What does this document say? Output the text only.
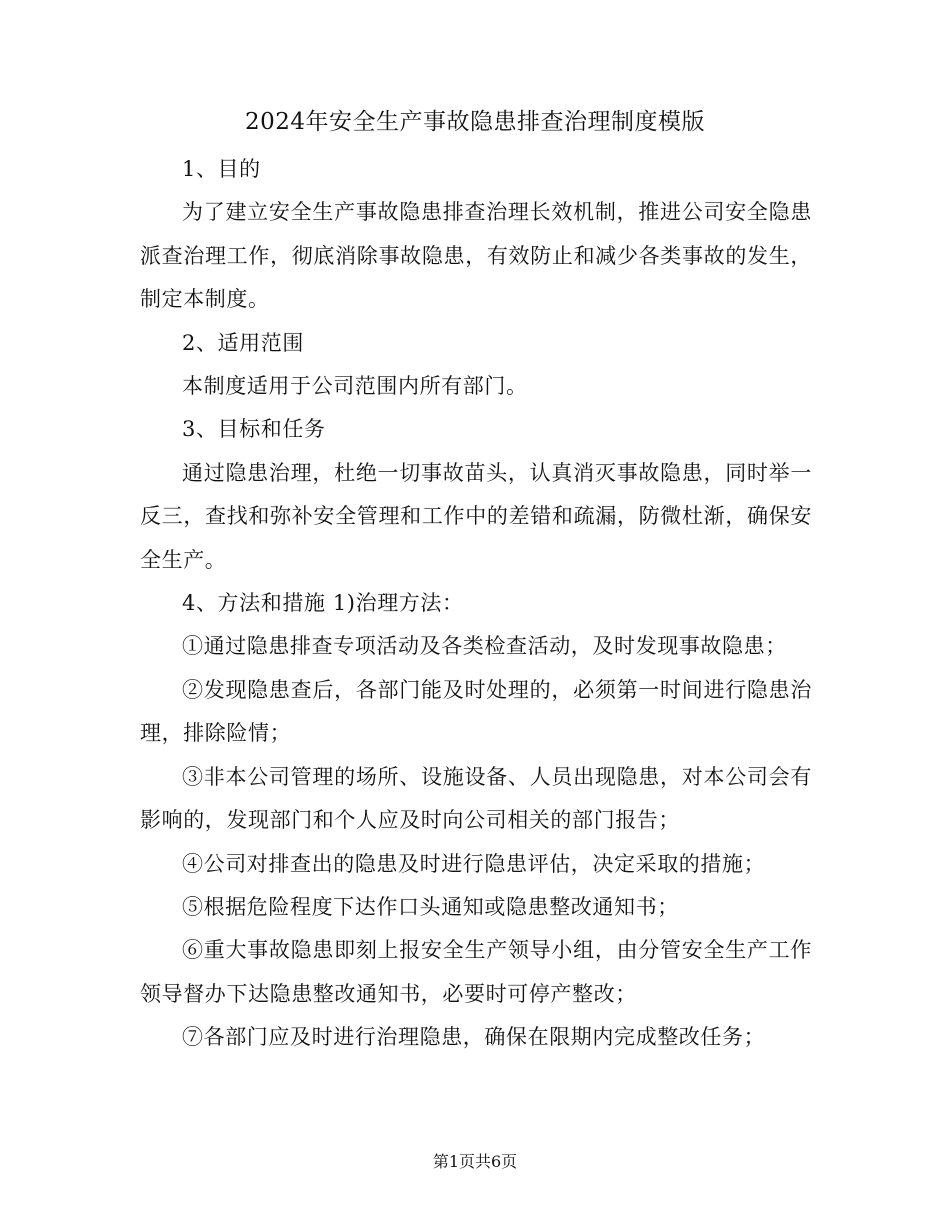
2024年安全生产事故隐患排查治理制度模版

1、目的

为了建立安全生产事故隐患排查治理长效机制，推进公司安全隐患派查治理工作，彻底消除事故隐患，有效防止和减少各类事故的发生，制定本制度。

2、适用范围

本制度适用于公司范围内所有部门。

3、目标和任务

通过隐患治理，杜绝一切事故苗头，认真消灭事故隐患，同时举一反三，查找和弥补安全管理和工作中的差错和疏漏，防微杜渐，确保安全生产。

4、方法和措施 1)治理方法：

①通过隐患排查专项活动及各类检查活动，及时发现事故隐患；

②发现隐患查后，各部门能及时处理的，必须第一时间进行隐患治理，排除险情；

③非本公司管理的场所、设施设备、人员出现隐患，对本公司会有影响的，发现部门和个人应及时向公司相关的部门报告；

④公司对排查出的隐患及时进行隐患评估，决定采取的措施；

⑤根据危险程度下达作口头通知或隐患整改通知书；

⑥重大事故隐患即刻上报安全生产领导小组，由分管安全生产工作领导督办下达隐患整改通知书，必要时可停产整改；

⑦各部门应及时进行治理隐患，确保在限期内完成整改任务；

第1页共6页
